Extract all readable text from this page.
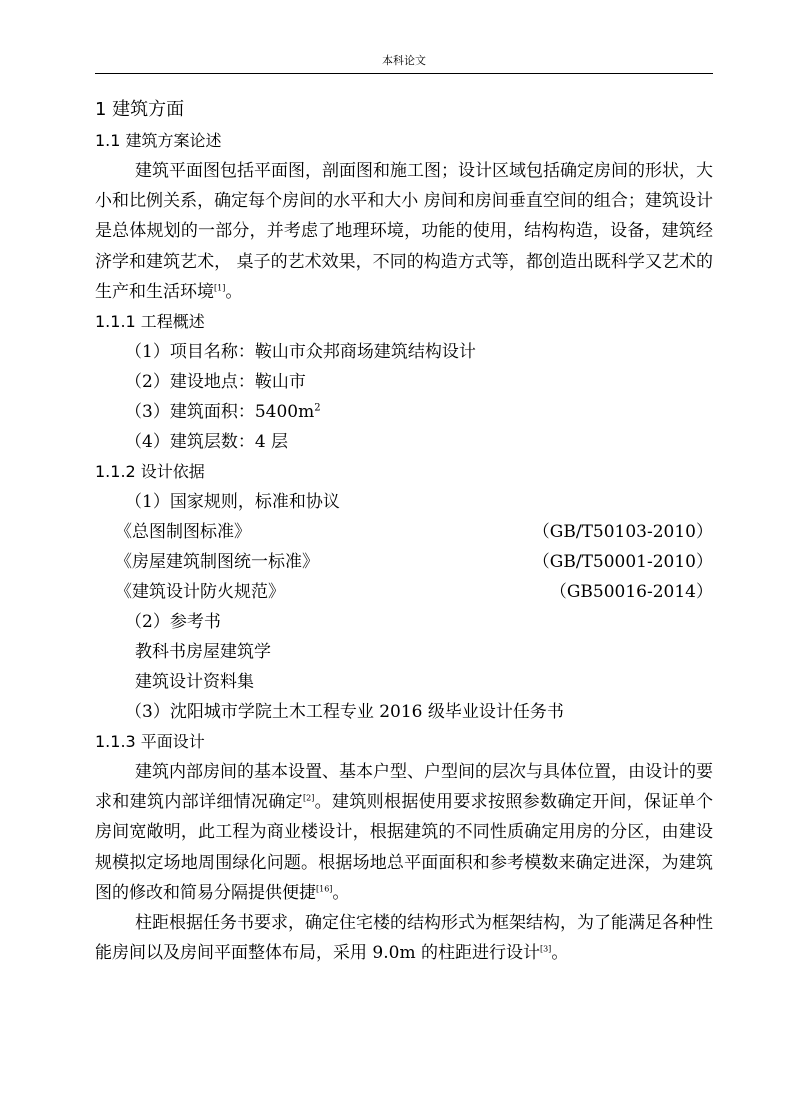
本科论文
1 建筑方面
1.1 建筑方案论述

建筑平面图包括平面图，剖面图和施工图；设计区域包括确定房间的形状，大小和比例关系，确定每个房间的水平和大小 房间和房间垂直空间的组合；建筑设计是总体规划的一部分，并考虑了地理环境，功能的使用，结构构造，设备，建筑经济学和建筑艺术， 桌子的艺术效果，不同的构造方式等，都创造出既科学又艺术的生产和生活环境[1]。

1.1.1 工程概述
（1）项目名称：鞍山市众邦商场建筑结构设计
（2）建设地点：鞍山市
（3）建筑面积：$5400m^2$
（4）建筑层数：4 层
1.1.2 设计依据
（1）国家规则，标准和协议
《总图制图标准》	（GB/T50103-2010）
《房屋建筑制图统一标准》	（GB/T50001-2010）
《建筑设计防火规范》	（GB50016-2014）
（2）参考书
教科书房屋建筑学
建筑设计资料集
（3）沈阳城市学院土木工程专业 2016 级毕业设计任务书
1.1.3 平面设计

建筑内部房间的基本设置、基本户型、户型间的层次与具体位置，由设计的要求和建筑内部详细情况确定[2]。建筑则根据使用要求按照参数确定开间，保证单个房间宽敞明，此工程为商业楼设计，根据建筑的不同性质确定用房的分区，由建设规模拟定场地周围绿化问题。根据场地总平面面积和参考模数来确定进深，为建筑图的修改和简易分隔提供便捷[16]。

柱距根据任务书要求，确定住宅楼的结构形式为框架结构，为了能满足各种性能房间以及房间平面整体布局，采用 9.0m 的柱距进行设计[3]。
